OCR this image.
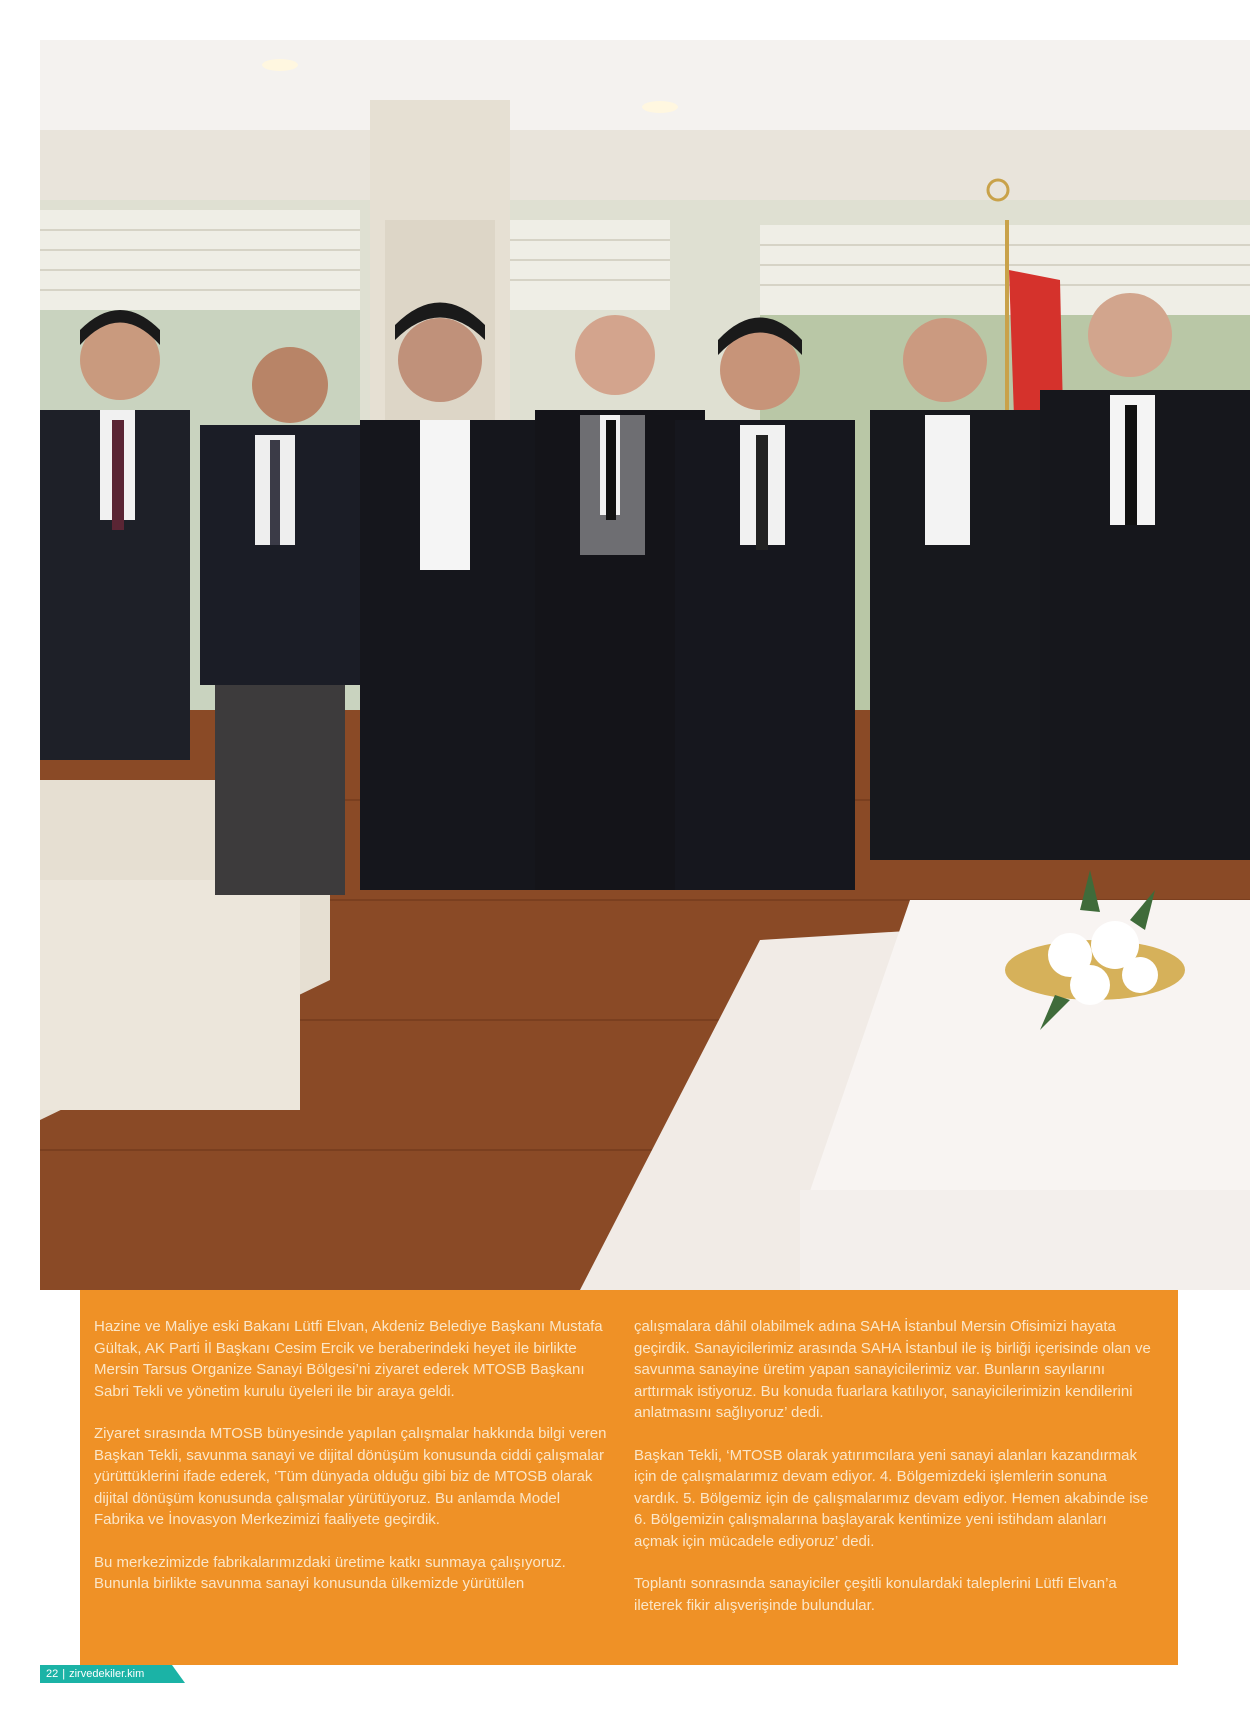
Hazine ve Maliye eski Bakanı Lütfi Elvan, Akdeniz Belediye Başkanı Mustafa Gültak, AK Parti İl Başkanı Cesim Ercik ve beraberindeki heyet ile birlikte Mersin Tarsus Organize Sanayi Bölgesi’ni ziyaret ederek MTOSB Başkanı Sabri Tekli ve yönetim kurulu üyeleri ile bir araya geldi.

Ziyaret sırasında MTOSB bünyesinde yapılan çalışmalar hakkında bilgi veren Başkan Tekli, savunma sanayi ve dijital dönüşüm konusunda ciddi çalışmalar yürüttüklerini ifade ederek, ‘Tüm dünyada olduğu gibi biz de MTOSB olarak dijital dönüşüm konusunda çalışmalar yürütüyoruz. Bu anlamda Model Fabrika ve İnovasyon Merkezimizi faaliyete geçirdik.

Bu merkezimizde fabrikalarımızdaki üretime katkı sunmaya çalışıyoruz. Bununla birlikte savunma sanayi konusunda ülkemizde yürütülen

çalışmalara dâhil olabilmek adına SAHA İstanbul Mersin Ofisimizi hayata geçirdik. Sanayicilerimiz arasında SAHA İstanbul ile iş birliği içerisinde olan ve savunma sanayine üretim yapan sanayicilerimiz var. Bunların sayılarını arttırmak istiyoruz. Bu konuda fuarlara katılıyor, sanayicilerimizin kendilerini anlatmasını sağlıyoruz’ dedi.

Başkan Tekli, ‘MTOSB olarak yatırımcılara yeni sanayi alanları kazandırmak için de çalışmalarımız devam ediyor. 4. Bölgemizdeki işlemlerin sonuna vardık. 5. Bölgemiz için de çalışmalarımız devam ediyor. Hemen akabinde ise 6. Bölgemizin çalışmalarına başlayarak kentimize yeni istihdam alanları açmak için mücadele ediyoruz’ dedi.

Toplantı sonrasında sanayiciler çeşitli konulardaki taleplerini Lütfi Elvan’a ileterek fikir alışverişinde bulundular.

22 | zirvedekiler.kim
